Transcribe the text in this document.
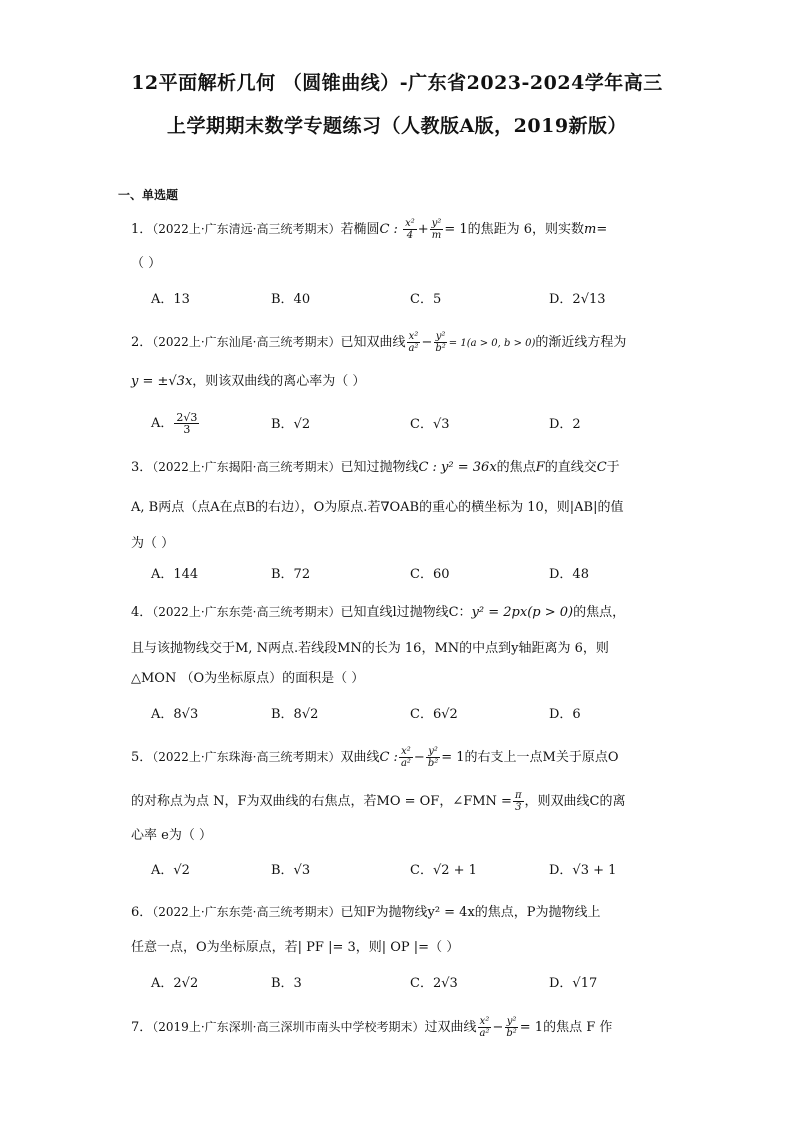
12平面解析几何 （圆锥曲线）-广东省2023-2024学年高三
上学期期末数学专题练习（人教版A版，2019新版）
一、单选题
1．（2022上·广东清远·高三统考期末）若椭圆C : $\frac{\text{x²}}{4} + \frac{\text{y²}}{m} = 1$的焦距为 6，则实数m=
（ ）
A．13	B．40	C．5	D．2√13
2．（2022上·广东汕尾·高三统考期末）已知双曲线 $\frac{\text{x²}}{\text{a²}} - \frac{\text{y²}}{\text{b²}} = 1(a > 0$, b > 0)的渐近线方程为
y = ±√3x，则该双曲线的离心率为（ ）
A． $\frac{2√3}{3}$	B．√2	C．√3	D．2
3．（2022上·广东揭阳·高三统考期末）已知过抛物线C : y² = 36x的焦点F的直线交C于
A, B两点（点A在点B的右边），O为原点.若∇OAB的重心的横坐标为 10，则|AB|的值
为（ ）
A．144	B．72	C．60	D．48
4．（2022上·广东东莞·高三统考期末）已知直线l过抛物线C：y² = 2px(p > 0)的焦点，
且与该抛物线交于M, N两点.若线段MN的长为 16，MN的中点到y轴距离为 6，则
△MON （O为坐标原点）的面积是（ ）
A．8√3	B．8√2	C．6√2	D．6
5．（2022上·广东珠海·高三统考期末）双曲线C : $\frac{\text{x²}}{\text{a²}} - \frac{\text{y²}}{\text{b²}} = 1$的右支上一点M关于原点O
的对称点为点 N，F为双曲线的右焦点，若MO = OF，∠FMN = $\frac{\pi}{3}$ ，则双曲线C的离
心率 e为（ ）
A．√2	B．√3	C．√2 + 1	D．√3 + 1
6．（2022上·广东东莞·高三统考期末）已知F为抛物线y² = 4x的焦点，P为抛物线上
任意一点，O为坐标原点，若| PF |= 3，则| OP |=（ ）
A．2√2	B．3	C．2√3	D．√17
7．（2019上·广东深圳·高三深圳市南头中学校考期末）过双曲线 $\frac{\text{x²}}{\text{a²}} - \frac{\text{y²}}{\text{b²}} = 1$的焦点 F 作
